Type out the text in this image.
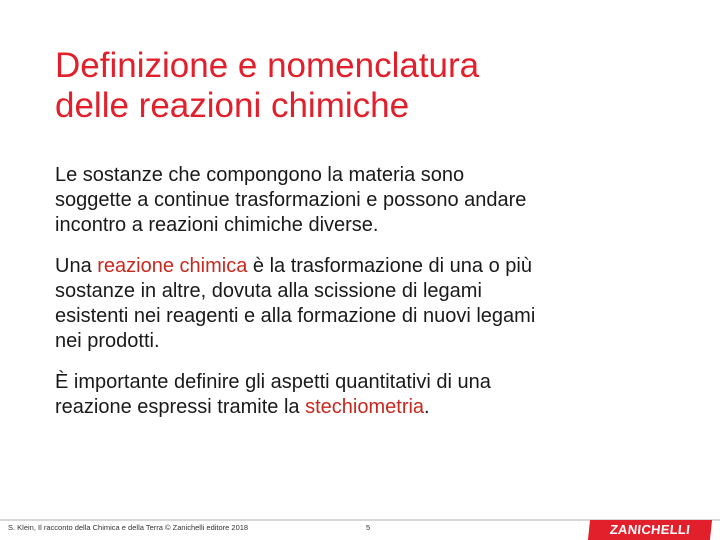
Definizione e nomenclatura
delle reazioni chimiche

Le sostanze che compongono la materia sono
soggette a continue trasformazioni e possono andare
incontro a reazioni chimiche diverse.

Una reazione chimica è la trasformazione di una o più
sostanze in altre, dovuta alla scissione di legami
esistenti nei reagenti e alla formazione di nuovi legami
nei prodotti.

È importante definire gli aspetti quantitativi di una
reazione espressi tramite la stechiometria.

S. Klein, Il racconto della Chimica e della Terra © Zanichelli editore 2018	5	ZANICHELLI
